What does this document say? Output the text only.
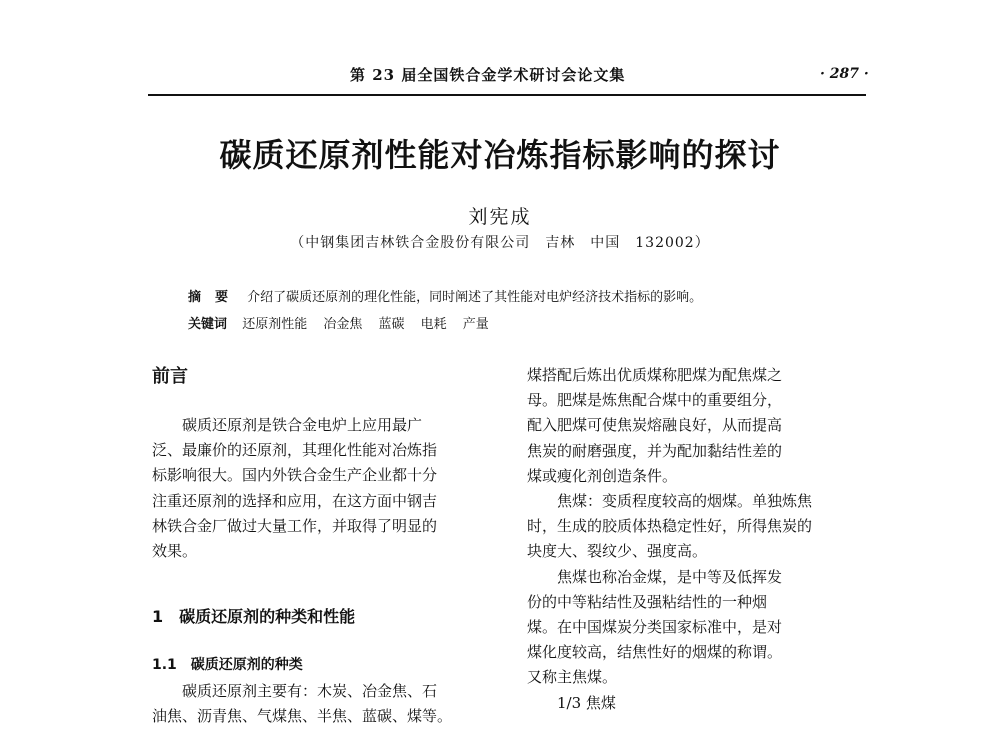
第 23 届全国铁合金学术研讨会论文集	· 287 ·
碳质还原剂性能对冶炼指标影响的探讨
刘宪成
（中钢集团吉林铁合金股份有限公司　吉林　中国　132002）
摘要 介绍了碳质还原剂的理化性能，同时阐述了其性能对电炉经济技术指标的影响。
关键词 还原剂性能 冶金焦 蓝碳 电耗 产量
前言
碳质还原剂是铁合金电炉上应用最广
泛、最廉价的还原剂，其理化性能对冶炼指
标影响很大。国内外铁合金生产企业都十分
注重还原剂的选择和应用，在这方面中钢吉
林铁合金厂做过大量工作，并取得了明显的
效果。
1　碳质还原剂的种类和性能
1.1　碳质还原剂的种类
碳质还原剂主要有：木炭、冶金焦、石
油焦、沥青焦、气煤焦、半焦、蓝碳、煤等。
煤搭配后炼出优质煤称肥煤为配焦煤之
母。肥煤是炼焦配合煤中的重要组分，
配入肥煤可使焦炭熔融良好，从而提高
焦炭的耐磨强度，并为配加黏结性差的
煤或瘦化剂创造条件。
焦煤：变质程度较高的烟煤。单独炼焦
时，生成的胶质体热稳定性好，所得焦炭的
块度大、裂纹少、强度高。
焦煤也称冶金煤，是中等及低挥发
份的中等粘结性及强粘结性的一种烟
煤。在中国煤炭分类国家标准中，是对
煤化度较高，结焦性好的烟煤的称谓。
又称主焦煤。
1/3 焦煤
